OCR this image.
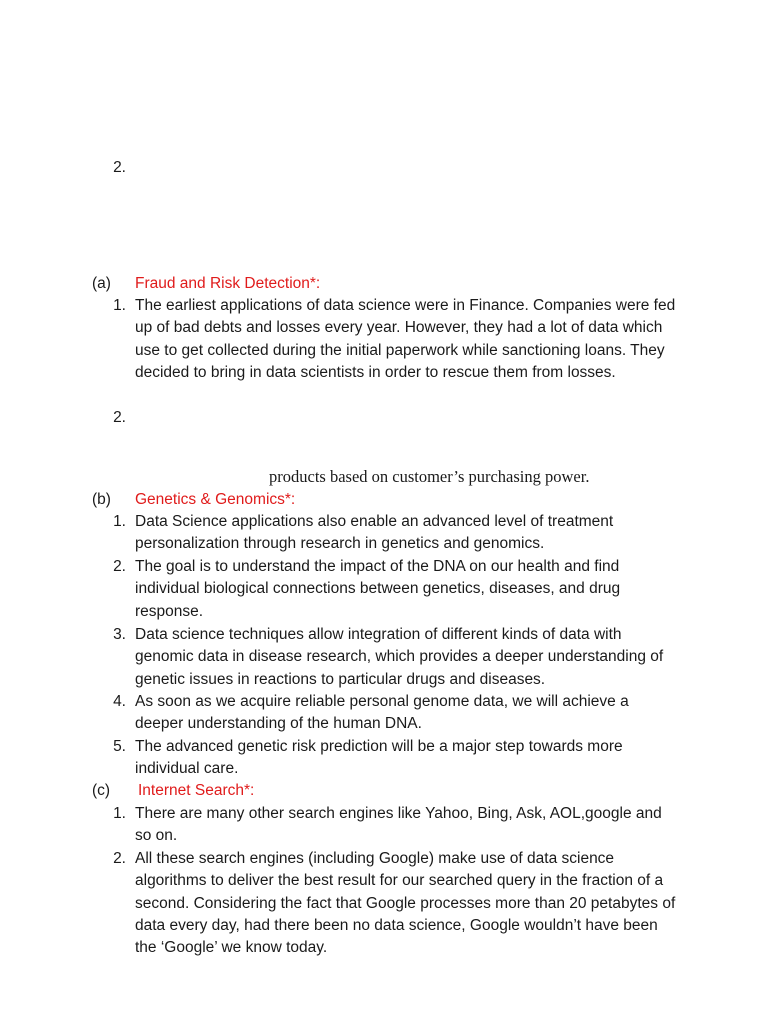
2.
(a) Fraud and Risk Detection*:
1. The earliest applications of data science were in Finance. Companies were fed up of bad debts and losses every year. However, they had a lot of data which use to get collected during the initial paperwork while sanctioning loans. They decided to bring in data scientists in order to rescue them from losses.
2.
products based on customer’s purchasing power.
(b) Genetics & Genomics*:
1. Data Science applications also enable an advanced level of treatment personalization through research in genetics and genomics.
2. The goal is to understand the impact of the DNA on our health and find individual biological connections between genetics, diseases, and drug response.
3. Data science techniques allow integration of different kinds of data with genomic data in disease research, which provides a deeper understanding of genetic issues in reactions to particular drugs and diseases.
4. As soon as we acquire reliable personal genome data, we will achieve a deeper understanding of the human DNA.
5. The advanced genetic risk prediction will be a major step towards more individual care.
(c) Internet Search*:
1. There are many other search engines like Yahoo, Bing, Ask, AOL,google and so on.
2. All these search engines (including Google) make use of data science algorithms to deliver the best result for our searched query in the fraction of a second. Considering the fact that Google processes more than 20 petabytes of data every day, had there been no data science, Google wouldn’t have been the ‘Google’ we know today.
